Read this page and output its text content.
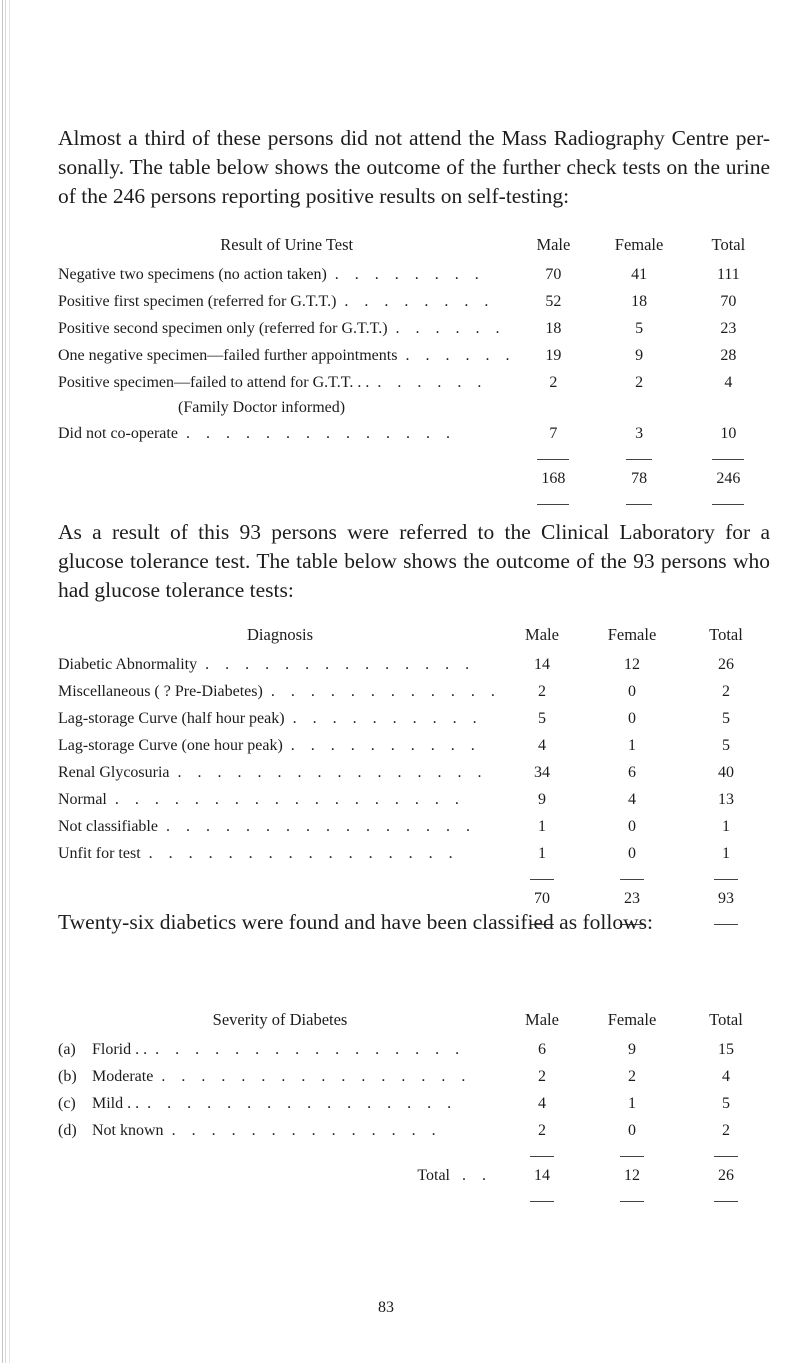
Almost a third of these persons did not attend the Mass Radiography Centre per- sonally. The table below shows the outcome of the further check tests on the urine of the 246 persons reporting positive results on self-testing:

Result of Urine Test	Male	Female	Total
Negative two specimens (no action taken) . . . . . . . .	70	41	111
Positive first specimen (referred for G.T.T.) . . . . . . . .	52	18	70
Positive second specimen only (referred for G.T.T.) . . . . . .	18	5	23
One negative specimen—failed further appointments . . . . . .	19	9	28
Positive specimen—failed to attend for G.T.T. . . . . . . . .	2	2	4
(Family Doctor informed)			
Did not co-operate . . . . . . . . . . . . . .	7	3	10

	168	78	246

As a result of this 93 persons were referred to the Clinical Laboratory for a glucose tolerance test. The table below shows the outcome of the 93 persons who had glucose tolerance tests:

Diagnosis	Male	Female	Total
Diabetic Abnormality . . . . . . . . . . . . . .	14	12	26
Miscellaneous ( ? Pre-Diabetes) . . . . . . . . . . . .	2	0	2
Lag-storage Curve (half hour peak) . . . . . . . . . .	5	0	5
Lag-storage Curve (one hour peak) . . . . . . . . . .	4	1	5
Renal Glycosuria . . . . . . . . . . . . . . . .	34	6	40
Normal . . . . . . . . . . . . . . . . . .	9	4	13
Not classifiable . . . . . . . . . . . . . . . .	1	0	1
Unfit for test . . . . . . . . . . . . . . . .	1	0	1

	70	23	93

Twenty-six diabetics were found and have been classified as follows:

Severity of Diabetes		Male	Female	Total
(a)	Florid . . . . . . . . . . . . . . . . . .	6	9	15
(b)	Moderate . . . . . . . . . . . . . . . .	2	2	4
(c)	Mild . . . . . . . . . . . . . . . . . .	4	1	5
(d)	Not known . . . . . . . . . . . . . .	2	0	2

	Total . .	14	12	26

83
